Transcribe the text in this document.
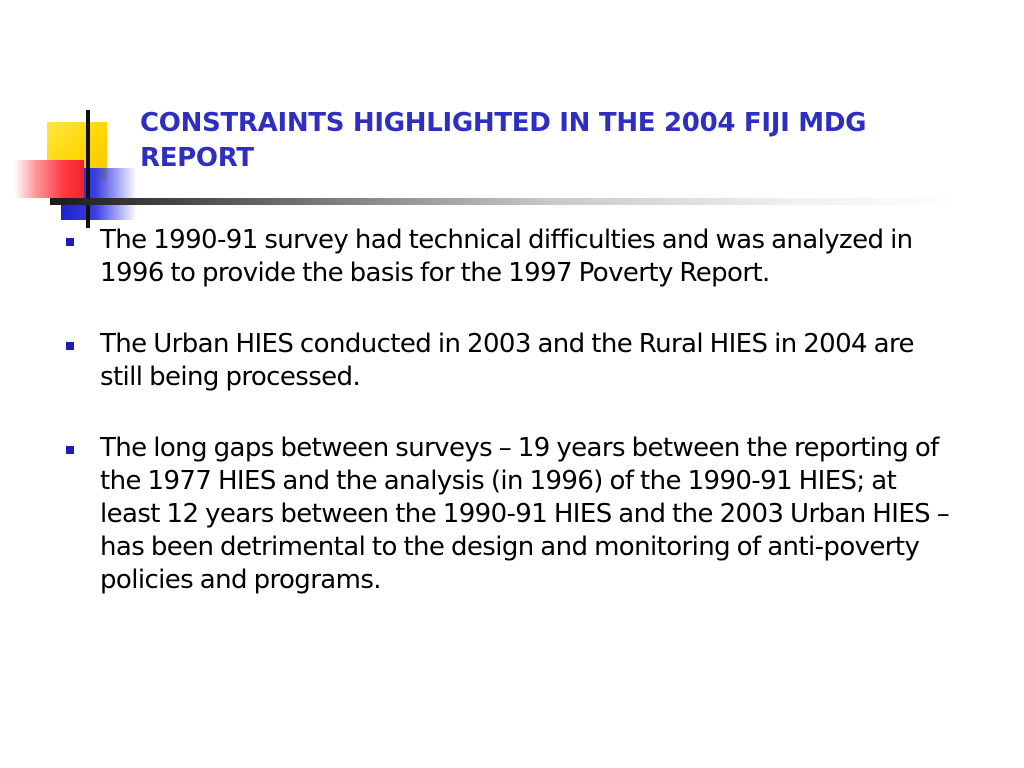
CONSTRAINTS HIGHLIGHTED IN THE 2004 FIJI MDG REPORT
The 1990-91 survey had technical difficulties and was analyzed in 1996 to provide the basis for the 1997 Poverty Report.
The Urban HIES conducted in 2003 and the Rural HIES in 2004 are still being processed.
The long gaps between surveys – 19 years between the reporting of the 1977 HIES and the analysis (in 1996) of the 1990-91 HIES; at least 12 years between the 1990-91 HIES and the 2003 Urban HIES – has been detrimental to the design and monitoring of anti-poverty policies and programs.
